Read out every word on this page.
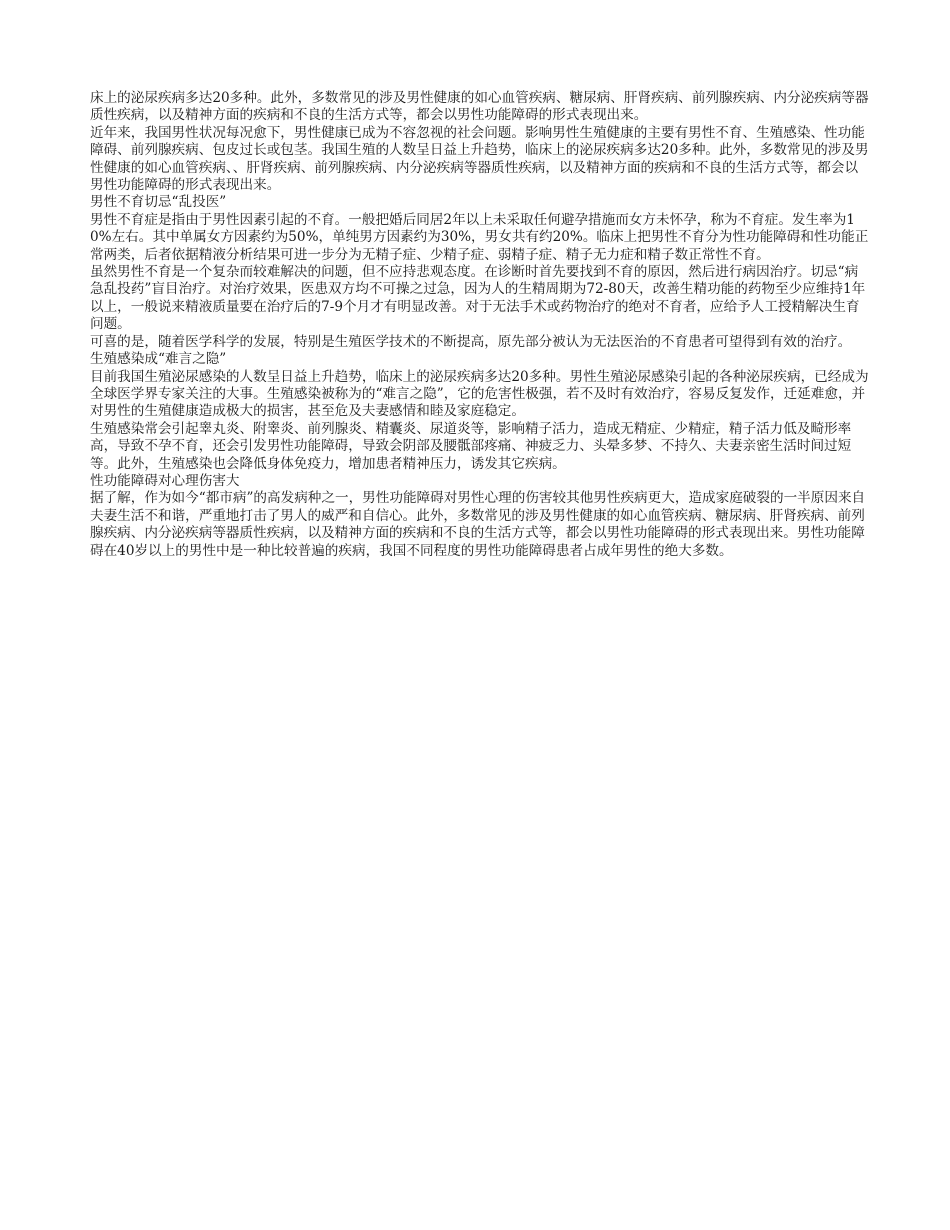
床上的泌尿疾病多达20多种。此外，多数常见的涉及男性健康的如心血管疾病、糖尿病、肝肾疾病、前列腺疾病、内分泌疾病等器质性疾病，以及精神方面的疾病和不良的生活方式等，都会以男性功能障碍的形式表现出来。

近年来，我国男性状况每况愈下，男性健康已成为不容忽视的社会问题。影响男性生殖健康的主要有男性不育、生殖感染、性功能障碍、前列腺疾病、包皮过长或包茎。我国生殖的人数呈日益上升趋势，临床上的泌尿疾病多达20多种。此外，多数常见的涉及男性健康的如心血管疾病、、肝肾疾病、前列腺疾病、内分泌疾病等器质性疾病，以及精神方面的疾病和不良的生活方式等，都会以男性功能障碍的形式表现出来。

男性不育切忌“乱投医”

男性不育症是指由于男性因素引起的不育。一般把婚后同居2年以上未采取任何避孕措施而女方未怀孕，称为不育症。发生率为10%左右。其中单属女方因素约为50%，单纯男方因素约为30%，男女共有约20%。临床上把男性不育分为性功能障碍和性功能正常两类，后者依据精液分析结果可进一步分为无精子症、少精子症、弱精子症、精子无力症和精子数正常性不育。

虽然男性不育是一个复杂而较难解决的问题，但不应持悲观态度。在诊断时首先要找到不育的原因，然后进行病因治疗。切忌“病急乱投药”盲目治疗。对治疗效果，医患双方均不可操之过急，因为人的生精周期为72-80天，改善生精功能的药物至少应维持1年以上，一般说来精液质量要在治疗后的7-9个月才有明显改善。对于无法手术或药物治疗的绝对不育者，应给予人工授精解决生育问题。

可喜的是，随着医学科学的发展，特别是生殖医学技术的不断提高，原先部分被认为无法医治的不育患者可望得到有效的治疗。

生殖感染成“难言之隐”

目前我国生殖泌尿感染的人数呈日益上升趋势，临床上的泌尿疾病多达20多种。男性生殖泌尿感染引起的各种泌尿疾病，已经成为全球医学界专家关注的大事。生殖感染被称为的“难言之隐”，它的危害性极强，若不及时有效治疗，容易反复发作，迁延难愈，并对男性的生殖健康造成极大的损害，甚至危及夫妻感情和睦及家庭稳定。

生殖感染常会引起睾丸炎、附睾炎、前列腺炎、精囊炎、尿道炎等，影响精子活力，造成无精症、少精症，精子活力低及畸形率高，导致不孕不育，还会引发男性功能障碍，导致会阴部及腰骶部疼痛、神疲乏力、头晕多梦、不持久、夫妻亲密生活时间过短等。此外，生殖感染也会降低身体免疫力，增加患者精神压力，诱发其它疾病。

性功能障碍对心理伤害大

据了解，作为如今“都市病”的高发病种之一，男性功能障碍对男性心理的伤害较其他男性疾病更大，造成家庭破裂的一半原因来自夫妻生活不和谐，严重地打击了男人的威严和自信心。此外，多数常见的涉及男性健康的如心血管疾病、糖尿病、肝肾疾病、前列腺疾病、内分泌疾病等器质性疾病，以及精神方面的疾病和不良的生活方式等，都会以男性功能障碍的形式表现出来。男性功能障碍在40岁以上的男性中是一种比较普遍的疾病，我国不同程度的男性功能障碍患者占成年男性的绝大多数。
